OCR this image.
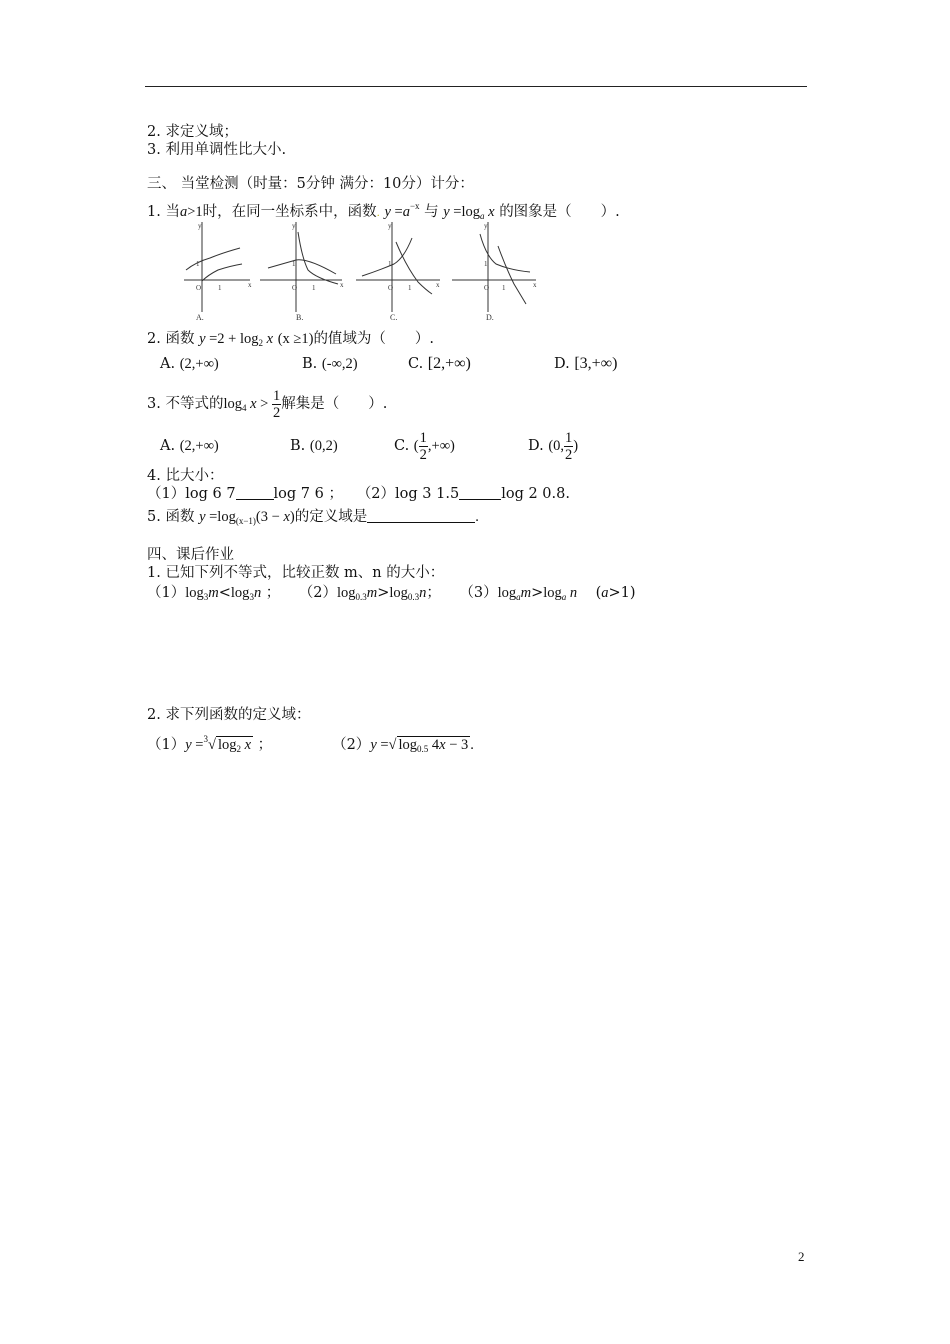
2. 求定义域；
3. 利用单调性比大小.
三、 当堂检测（时量：5分钟 满分：10分）计分：
1. 当a>1时，在同一坐标系中，函数. $y =a^{-x}$ 与 $y =\log_a$ x 的图象是（　　）.
y
1
O 1	x
y
1
O 1	x
y
1
O 1	x
y
1
O 1	x
A.	B.	C.	D.
2. 函数 $y =2 + \log_2 x$ (x ≥1)的值域为（　　）.
A. (2,+∞)	B. (-∞,2)	C. [2,+∞)	D. [3,+∞)
3. 不等式的$\log_4 x > \frac{1}{2}$ 解集是（　　）.
A. (2,+∞)	B. (0,2)	C. ( $\frac{1}{2}$ ,+∞)	D. (0, $\frac{1}{2}$ )
4. 比大小：
（1）log 6 7	log 7 6 ； （2）log 3 1.5	log 2 0.8.
5. 函数 $y =\log_{(x-1)}(3 - x)$的定义域是	.
四、课后作业
1. 已知下列不等式，比较正数 m、n 的大小：
$(1)\log_3m<\log_3n$ ；    $(2)\log_{0.3}m>\log_{0.3}n$；    $(3)\log_am>\log_a$ n    (a>1)
2. 求下列函数的定义域：
（1）y =$^3$√ $\log_2 x$ ；             （2）y =√ $\log_{0.5} 4x - 3$ .
2
